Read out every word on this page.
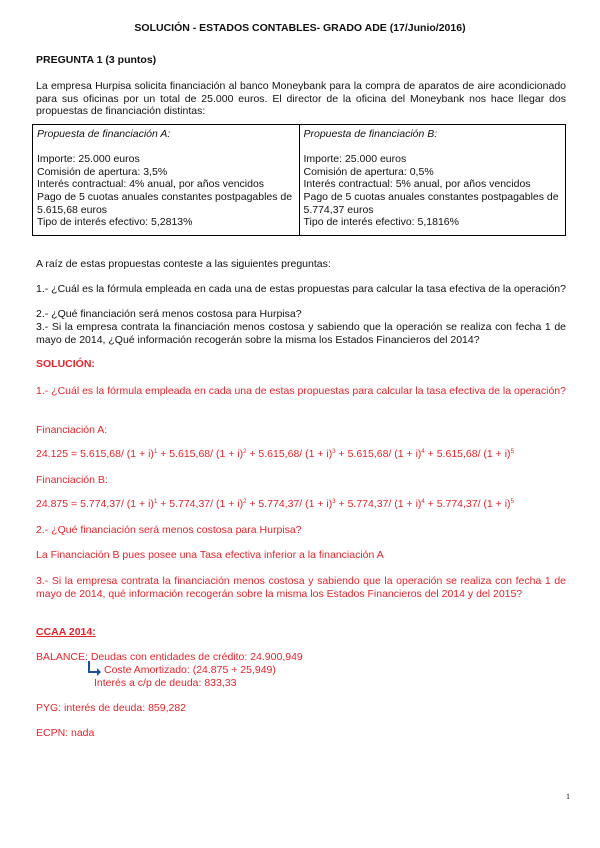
SOLUCIÓN - ESTADOS CONTABLES- GRADO ADE (17/Junio/2016)
PREGUNTA 1 (3 puntos)

La empresa Hurpisa solicita financiación al banco Moneybank para la compra de aparatos de aire acondicionado para sus oficinas por un total de 25.000 euros. El director de la oficina del Moneybank nos hace llegar dos propuestas de financiación distintas:

Propuesta de financiación A:
Importe: 25.000 euros
Comisión de apertura: 3,5%
Interés contractual: 4% anual, por años vencidos
Pago de 5 cuotas anuales constantes postpagables de 5.615,68 euros
Tipo de interés efectivo: 5,2813%
Propuesta de financiación B:
Importe: 25.000 euros
Comisión de apertura: 0,5%
Interés contractual: 5% anual, por años vencidos
Pago de 5 cuotas anuales constantes postpagables de 5.774,37 euros
Tipo de interés efectivo: 5,1816%

A raíz de estas propuestas conteste a las siguientes preguntas:

1.- ¿Cuál es la fórmula empleada en cada una de estas propuestas para calcular la tasa efectiva de la operación?

2.- ¿Qué financiación será menos costosa para Hurpisa?

3.- Si la empresa contrata la financiación menos costosa y sabiendo que la operación se realiza con fecha 1 de mayo de 2014, ¿Qué información recogerán sobre la misma los Estados Financieros del 2014?

SOLUCIÓN:

1.- ¿Cuál es la fórmula empleada en cada una de estas propuestas para calcular la tasa efectiva de la operación?

Financiación A:

24.125 = 5.615,68/ $(1 + i)^1 + 5.615,68/$ $(1 + i)^2 + 5.615,68/$ $(1 + i)^3 + 5.615,68/$ $(1 + i)^4 + 5.615,68/$ $(1 + i)^5$

Financiación B:

24.875 = 5.774,37/ $(1 + i)^1 + 5.774,37/$ $(1 + i)^2 + 5.774,37/$ $(1 + i)^3 + 5.774,37/$ $(1 + i)^4 + 5.774,37/$ $(1 + i)^5$

2.- ¿Qué financiación será menos costosa para Hurpisa?

La Financiación B pues posee una Tasa efectiva inferior a la financiación A

3.- Si la empresa contrata la financiación menos costosa y sabiendo que la operación se realiza con fecha 1 de mayo de 2014, qué información recogerán sobre la misma los Estados Financieros del 2014 y del 2015?

CCAA 2014:

BALANCE: Deudas con entidades de crédito: 24.900,949

Coste Amortizado: (24.875 + 25,949)

Interés a c/p de deuda: 833,33

PYG: interés de deuda: 859,282

ECPN: nada

1
